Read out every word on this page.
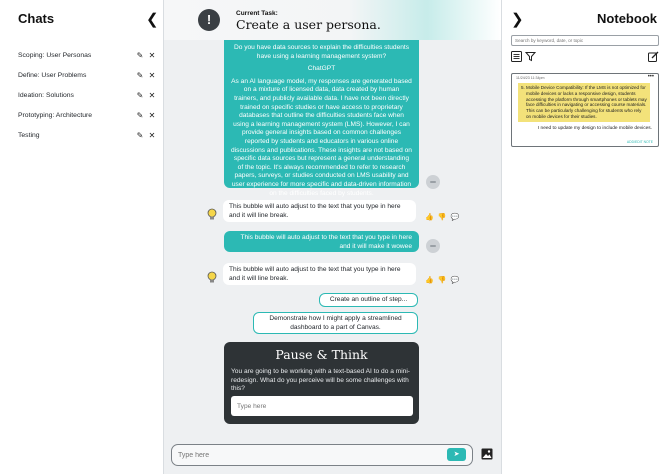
Chats	❮
Scoping: User Personas	✎ ✕
Define: User Problems	✎ ✕
Ideation: Solutions	✎ ✕
Prototyping: Architecture	✎ ✕
Testing	✎ ✕
Do you have data sources to explain the difficulties students have using a learning management system?
ChatGPT
As an AI language model, my responses are generated based on a mixture of licensed data, data created by human trainers, and publicly available data. I have not been directly trained on specific studies or have access to proprietary databases that outline the difficulties students face when using a learning management system (LMS). However, I can provide general insights based on common challenges reported by students and educators in various online discussions and publications. These insights are not based on specific data sources but represent a general understanding of the topic. It's always recommended to refer to research papers, surveys, or studies conducted on LMS usability and user experience for more specific and data-driven information on the difficulties faced by students.
This bubble will auto adjust to the text that you type in here and it will line break.	👍 👎 💬
This bubble will auto adjust to the text that you type in here and it will make it wowee
This bubble will auto adjust to the text that you type in here and it will line break.	👍 👎 💬
Create an outline of step...
Demonstrate how I might apply a streamlined dashboard to a part of Canvas.
Pause & Think
You are going to be working with a text-based AI to do a mini-redesign. What do you perceive will be some challenges with this?
Type here
!	Current Task:
Create a user persona.
Type here
➤
❯	Notebook
Search by keyword, date, or topic
11/24/23 11:34pm	•••
5. Mobile Device Compatibility: If the LMS is not optimized for mobile devices or lacks a responsive design, students accessing the platform through smartphones or tablets may face difficulties in navigating or accessing course materials. This can be particularly challenging for students who rely on mobile devices for their studies.
I need to update my design to include mobile devices.
ADD/EDIT NOTE
